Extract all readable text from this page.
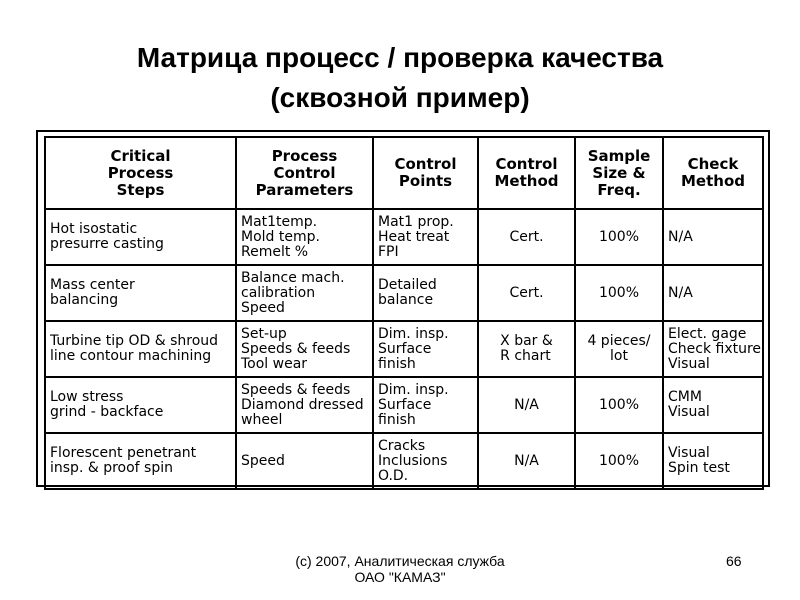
Матрица процесс / проверка качества
(сквозной пример)
Critical
Process
Steps	Process
Control
Parameters	Control
Points	Control
Method	Sample
Size &
Freq.	Check
Method

Hot isostatic
presurre casting	Mat1temp.
Mold temp.
Remelt %	Mat1 prop.
Heat treat
FPI	Cert.	100%	N/A

Mass center
balancing	Balance mach.
calibration
Speed	Detailed
balance	Cert.	100%	N/A

Turbine tip OD & shroud
line contour machining	Set-up
Speeds & feeds
Tool wear	Dim. insp.
Surface
finish	X bar &
R chart	4 pieces/
lot	Elect. gage
Check fixture
Visual

Low stress
grind - backface	Speeds & feeds
Diamond dressed
wheel	Dim. insp.
Surface
finish	N/A	100%	CMM
Visual

Florescent penetrant
insp. & proof spin	Speed	Cracks
Inclusions
O.D.	N/A	100%	Visual
Spin test
(c) 2007, Аналитическая служба
ОАО "КАМАЗ"
66
